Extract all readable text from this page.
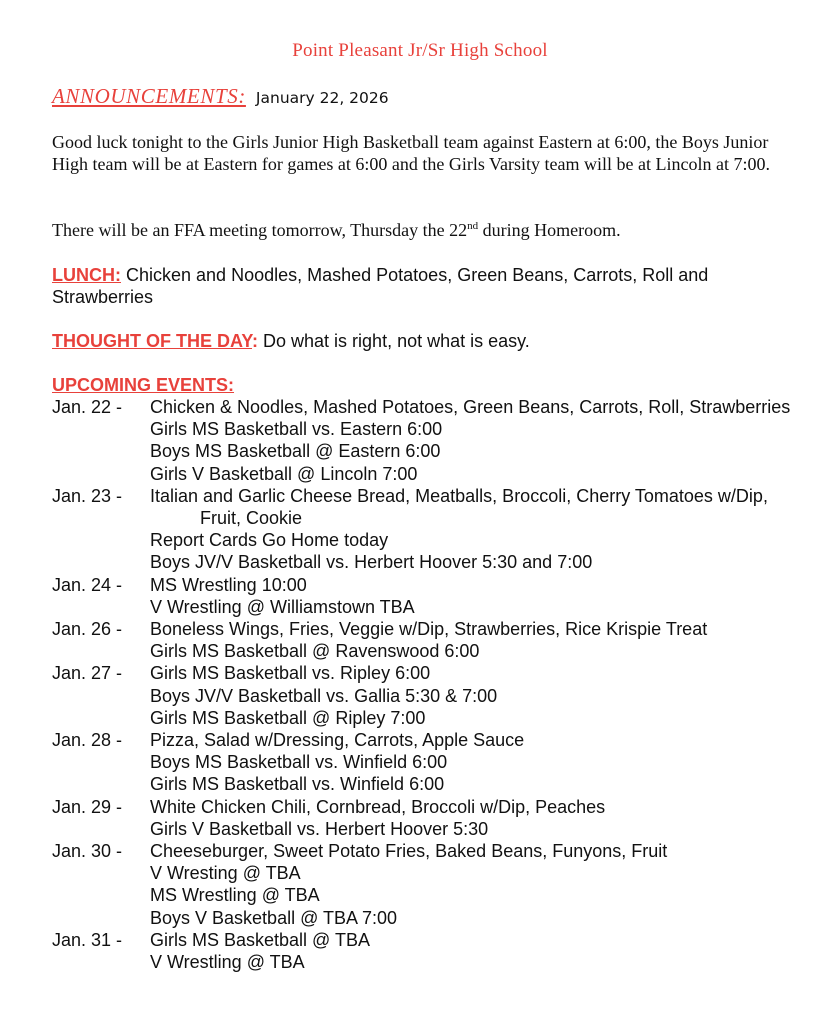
Point Pleasant Jr/Sr High School
ANNOUNCEMENTS: January 22, 2026
Good luck tonight to the Girls Junior High Basketball team against Eastern at 6:00, the Boys Junior High team will be at Eastern for games at 6:00 and the Girls Varsity team will be at Lincoln at 7:00.
There will be an FFA meeting tomorrow, Thursday the 22nd during Homeroom.
LUNCH: Chicken and Noodles, Mashed Potatoes, Green Beans, Carrots, Roll and Strawberries
THOUGHT OF THE DAY: Do what is right, not what is easy.
UPCOMING EVENTS:
Jan. 22 -	Chicken & Noodles, Mashed Potatoes, Green Beans, Carrots, Roll, Strawberries
Girls MS Basketball vs. Eastern 6:00
Boys MS Basketball @ Eastern 6:00
Girls V Basketball @ Lincoln 7:00
Jan. 23 -	Italian and Garlic Cheese Bread, Meatballs, Broccoli, Cherry Tomatoes w/Dip, Fruit, Cookie
Report Cards Go Home today
Boys JV/V Basketball vs. Herbert Hoover 5:30 and 7:00
Jan. 24 -	MS Wrestling 10:00
V Wrestling @ Williamstown TBA
Jan. 26 -	Boneless Wings, Fries, Veggie w/Dip, Strawberries, Rice Krispie Treat
Girls MS Basketball @ Ravenswood 6:00
Jan. 27 -	Girls MS Basketball vs. Ripley 6:00
Boys JV/V Basketball vs. Gallia 5:30 & 7:00
Girls MS Basketball @ Ripley 7:00
Jan. 28 -	Pizza, Salad w/Dressing, Carrots, Apple Sauce
Boys MS Basketball vs. Winfield 6:00
Girls MS Basketball vs. Winfield 6:00
Jan. 29 -	White Chicken Chili, Cornbread, Broccoli w/Dip, Peaches
Girls V Basketball vs. Herbert Hoover 5:30
Jan. 30 -	Cheeseburger, Sweet Potato Fries, Baked Beans, Funyons, Fruit
V Wresting @ TBA
MS Wrestling @ TBA
Boys V Basketball @ TBA 7:00
Jan. 31 -	Girls MS Basketball @ TBA
V Wrestling @ TBA
